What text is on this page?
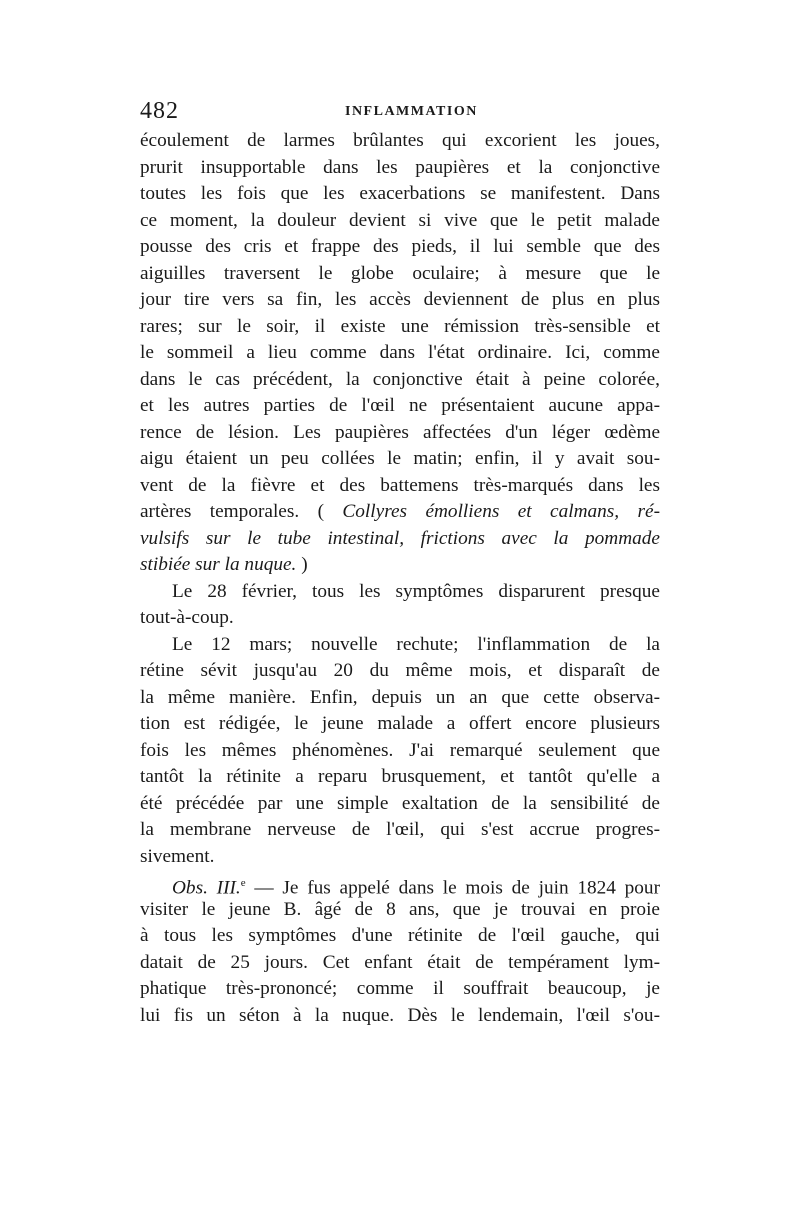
482	INFLAMMATION
écoulement de larmes brûlantes qui excorient les joues,
prurit insupportable dans les paupières et la conjonctive
toutes les fois que les exacerbations se manifestent. Dans
ce moment, la douleur devient si vive que le petit malade
pousse des cris et frappe des pieds, il lui semble que des
aiguilles traversent le globe oculaire; à mesure que le
jour tire vers sa fin, les accès deviennent de plus en plus
rares; sur le soir, il existe une rémission très-sensible et
le sommeil a lieu comme dans l'état ordinaire. Ici, comme
dans le cas précédent, la conjonctive était à peine colorée,
et les autres parties de l'œil ne présentaient aucune appa-
rence de lésion. Les paupières affectées d'un léger œdème
aigu étaient un peu collées le matin; enfin, il y avait sou-
vent de la fièvre et des battemens très-marqués dans les
artères temporales. ( Collyres émolliens et calmans, ré-
vulsifs sur le tube intestinal, frictions avec la pommade
stibiée sur la nuque. )
Le 28 février, tous les symptômes disparurent presque
tout-à-coup.
Le 12 mars; nouvelle rechute; l'inflammation de la
rétine sévit jusqu'au 20 du même mois, et disparaît de
la même manière. Enfin, depuis un an que cette observa-
tion est rédigée, le jeune malade a offert encore plusieurs
fois les mêmes phénomènes. J'ai remarqué seulement que
tantôt la rétinite a reparu brusquement, et tantôt qu'elle a
été précédée par une simple exaltation de la sensibilité de
la membrane nerveuse de l'œil, qui s'est accrue progres-
sivement.
Obs. III.$^e$ — Je fus appelé dans le mois de juin 1824 pour
visiter le jeune B. âgé de 8 ans, que je trouvai en proie
à tous les symptômes d'une rétinite de l'œil gauche, qui
datait de 25 jours. Cet enfant était de tempérament lym-
phatique très-prononcé; comme il souffrait beaucoup, je
lui fis un séton à la nuque. Dès le lendemain, l'œil s'ou-
